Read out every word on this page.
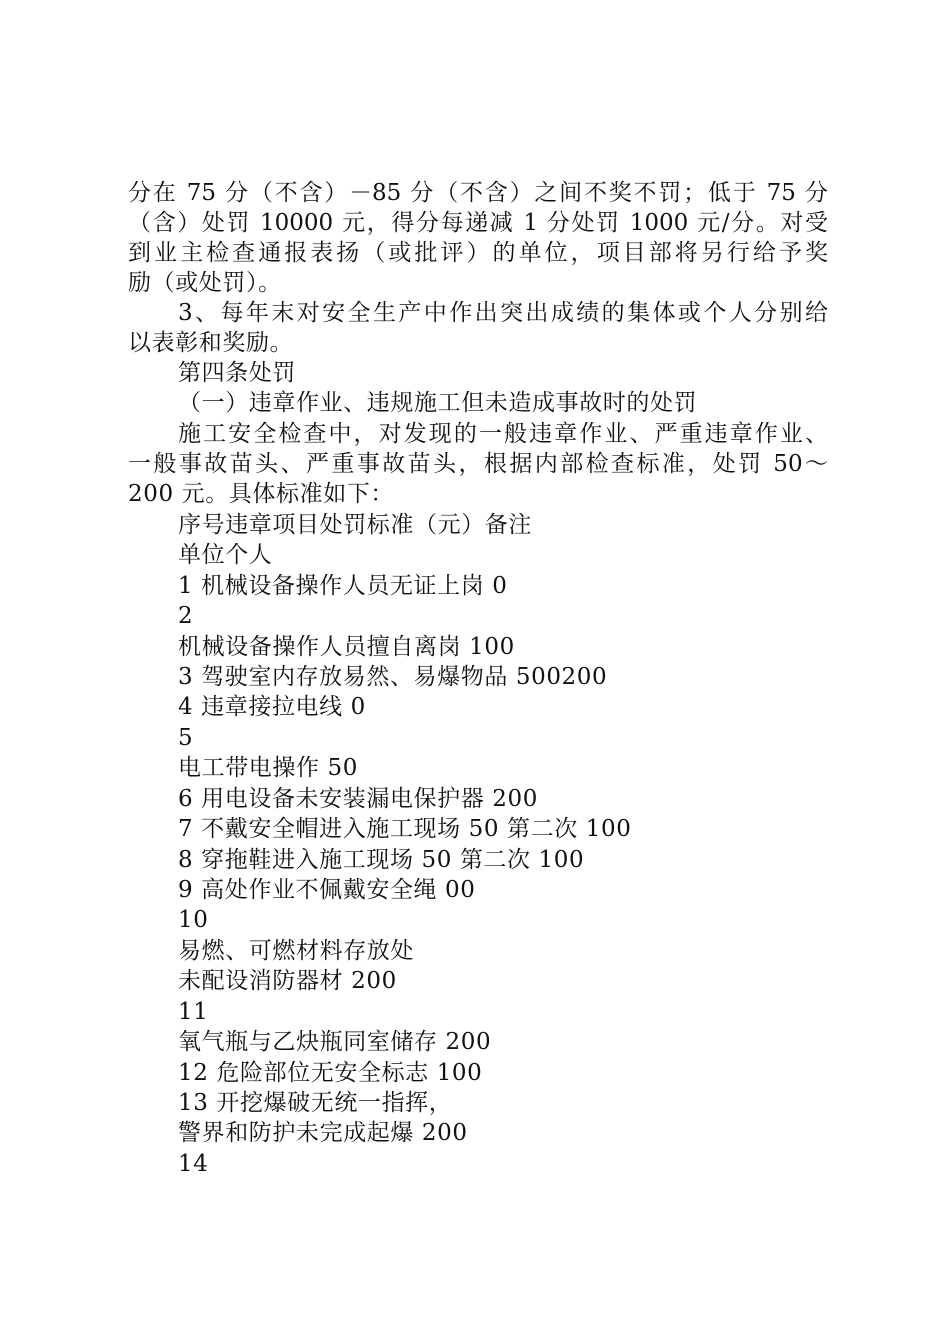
分在 75 分（不含）－85 分（不含）之间不奖不罚；低于 75 分
（含）处罚 10000 元，得分每递减 1 分处罚 1000 元/分。对受
到业主检查通报表扬（或批评）的单位，项目部将另行给予奖
励（或处罚）。
3、每年末对安全生产中作出突出成绩的集体或个人分别给
以表彰和奖励。
第四条处罚
（一）违章作业、违规施工但未造成事故时的处罚
施工安全检查中，对发现的一般违章作业、严重违章作业、
一般事故苗头、严重事故苗头，根据内部检查标准，处罚 50～
200 元。具体标准如下：
序号违章项目处罚标准（元）备注
单位个人
1 机械设备操作人员无证上岗 0
2
机械设备操作人员擅自离岗 100
3 驾驶室内存放易然、易爆物品 500200
4 违章接拉电线 0
5
电工带电操作 50
6 用电设备未安装漏电保护器 200
7 不戴安全帽进入施工现场 50 第二次 100
8 穿拖鞋进入施工现场 50 第二次 100
9 高处作业不佩戴安全绳 00
10
易燃、可燃材料存放处
未配设消防器材 200
11
氧气瓶与乙炔瓶同室储存 200
12 危险部位无安全标志 100
13 开挖爆破无统一指挥，
警界和防护未完成起爆 200
14
